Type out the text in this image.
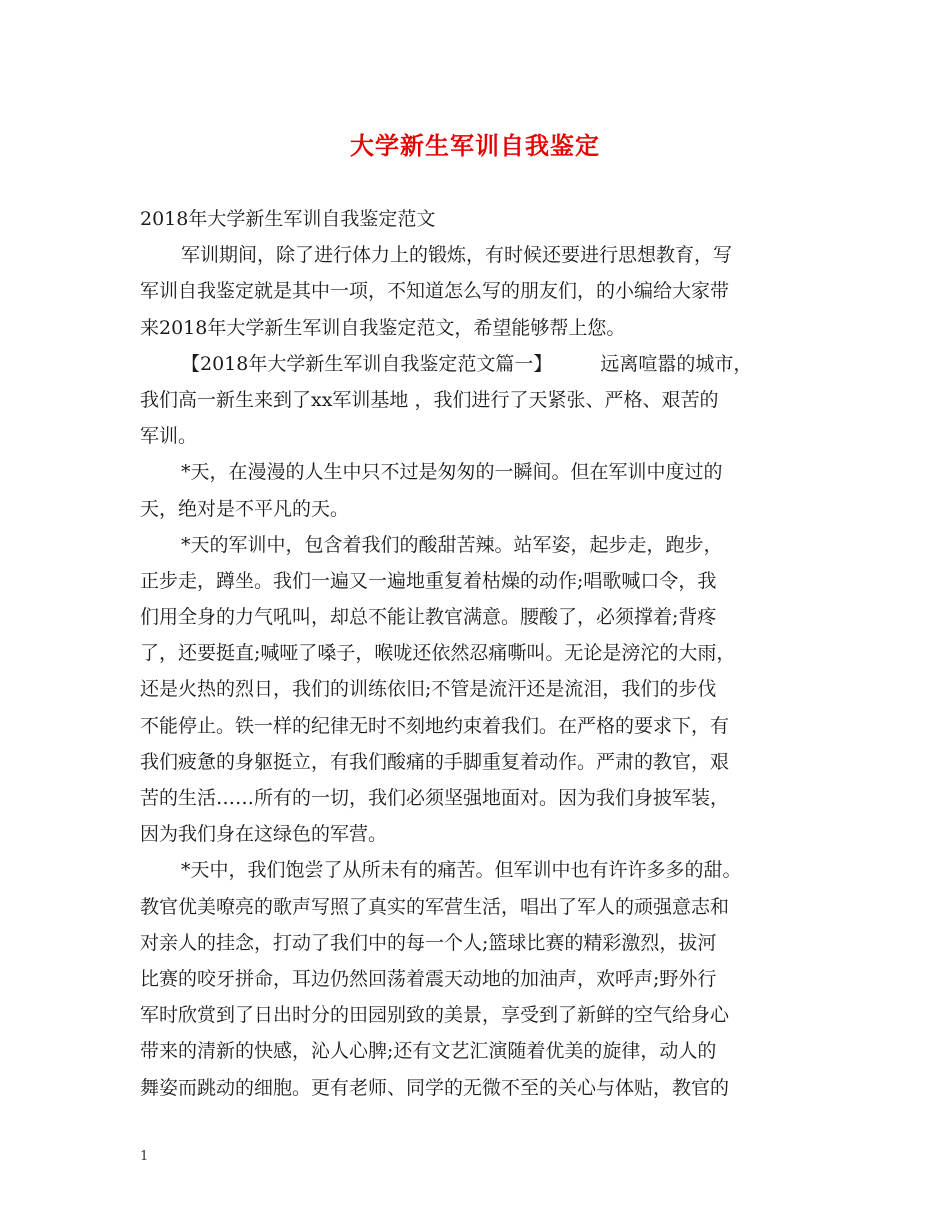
大学新生军训自我鉴定
2018年大学新生军训自我鉴定范文
军训期间，除了进行体力上的锻炼，有时候还要进行思想教育，写
军训自我鉴定就是其中一项，不知道怎么写的朋友们，的小编给大家带
来2018年大学新生军训自我鉴定范文，希望能够帮上您。
【2018年大学新生军训自我鉴定范文篇一】	远离喧嚣的城市，
我们高一新生来到了xx军训基地 ，我们进行了天紧张、严格、艰苦的
军训。
*天，在漫漫的人生中只不过是匆匆的一瞬间。但在军训中度过的
天，绝对是不平凡的天。
*天的军训中，包含着我们的酸甜苦辣。站军姿，起步走，跑步，
正步走，蹲坐。我们一遍又一遍地重复着枯燥的动作;唱歌喊口令，我
们用全身的力气吼叫，却总不能让教官满意。腰酸了，必须撑着;背疼
了，还要挺直;喊哑了嗓子，喉咙还依然忍痛嘶叫。无论是滂沱的大雨，
还是火热的烈日，我们的训练依旧;不管是流汗还是流泪，我们的步伐
不能停止。铁一样的纪律无时不刻地约束着我们。在严格的要求下，有
我们疲惫的身躯挺立，有我们酸痛的手脚重复着动作。严肃的教官，艰
苦的生活……所有的一切，我们必须坚强地面对。因为我们身披军装，
因为我们身在这绿色的军营。
*天中，我们饱尝了从所未有的痛苦。但军训中也有许许多多的甜。
教官优美嘹亮的歌声写照了真实的军营生活，唱出了军人的顽强意志和
对亲人的挂念，打动了我们中的每一个人;篮球比赛的精彩激烈，拔河
比赛的咬牙拼命，耳边仍然回荡着震天动地的加油声，欢呼声;野外行
军时欣赏到了日出时分的田园别致的美景，享受到了新鲜的空气给身心
带来的清新的快感，沁人心脾;还有文艺汇演随着优美的旋律，动人的
舞姿而跳动的细胞。更有老师、同学的无微不至的关心与体贴，教官的
1
